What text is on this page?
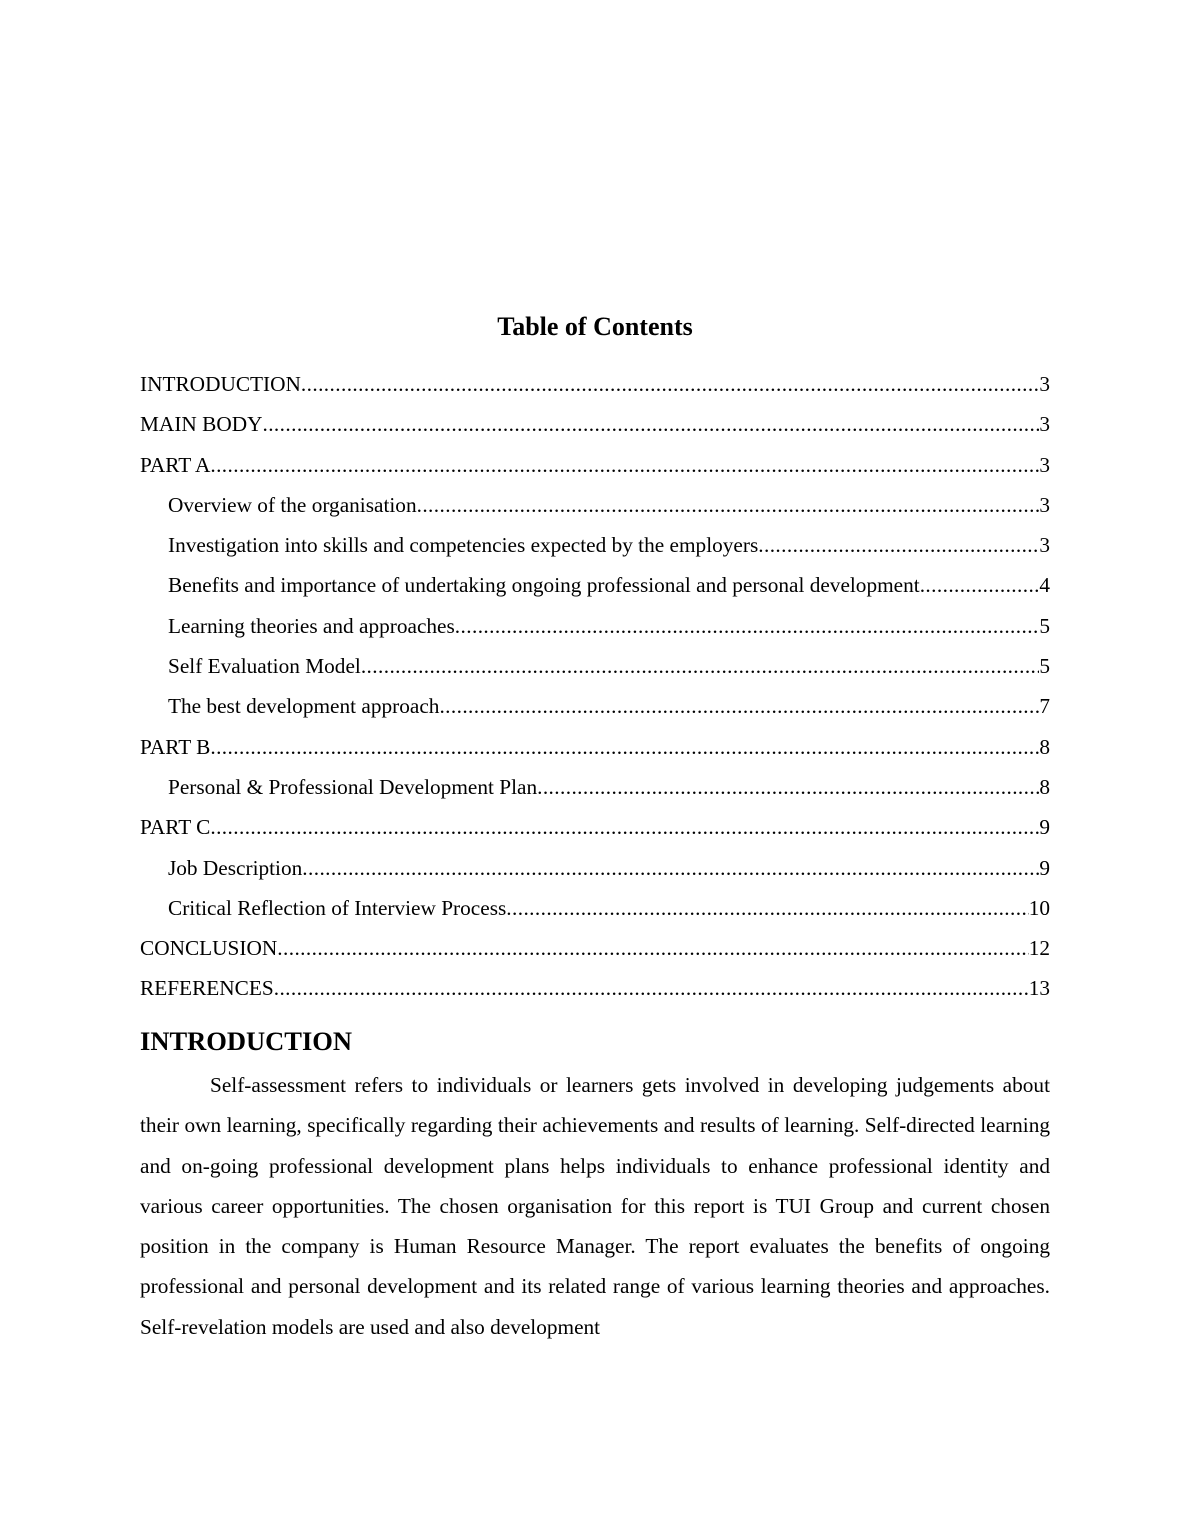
Table of Contents
INTRODUCTION .....	3
MAIN BODY .....	3
PART A .....	3
Overview of the organisation .....	3
Investigation into skills and competencies expected by the employers .....	3
Benefits and importance of undertaking ongoing professional and personal development .....	4
Learning theories and approaches .....	5
Self Evaluation Model .....	5
The best development approach .....	7
PART B .....	8
Personal & Professional Development Plan .....	8
PART C .....	9
Job Description .....	9
Critical Reflection of Interview Process .....	10
CONCLUSION .....	12
REFERENCES .....	13
INTRODUCTION

Self-assessment refers to individuals or learners gets involved in developing judgements about their own learning, specifically regarding their achievements and results of learning. Self-directed learning and on-going professional development plans helps individuals to enhance professional identity and various career opportunities. The chosen organisation for this report is TUI Group and current chosen position in the company is Human Resource Manager. The report evaluates the benefits of ongoing professional and personal development and its related range of various learning theories and approaches. Self-revelation models are used and also development
